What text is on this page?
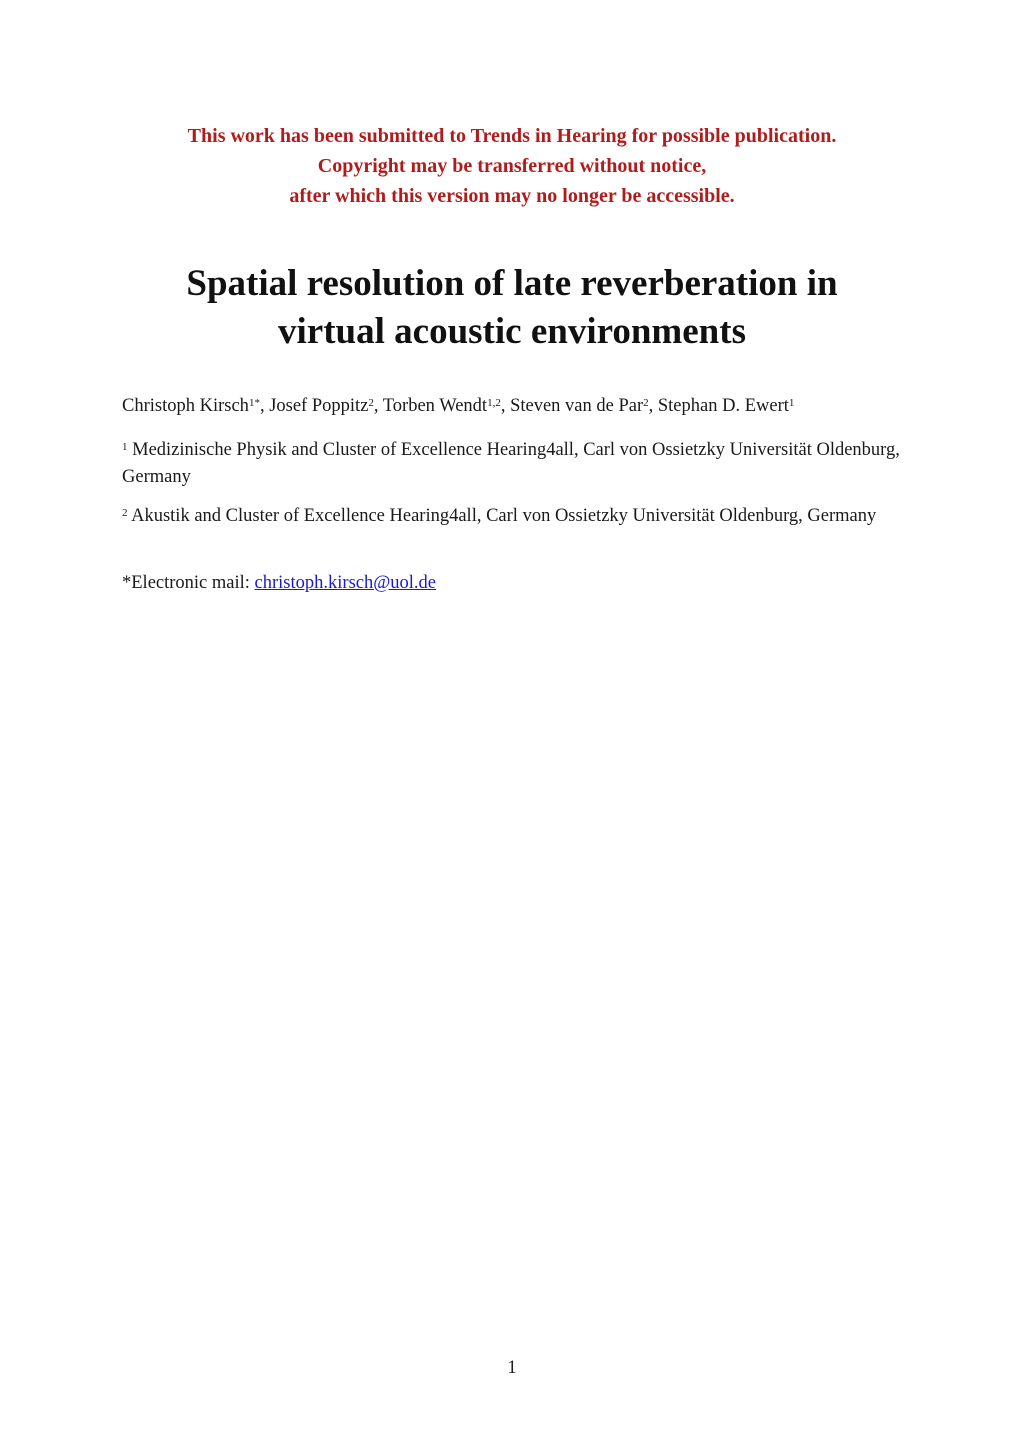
This work has been submitted to Trends in Hearing for possible publication.
Copyright may be transferred without notice,
after which this version may no longer be accessible.
Spatial resolution of late reverberation in
virtual acoustic environments
Christoph Kirsch$^{1*}$, Josef Poppitz$^2$, Torben Wendt$^{1,2}$, Steven van de Par$^2$, Stephan D. Ewert$^1$
$^1$ Medizinische Physik and Cluster of Excellence Hearing4all, Carl von Ossietzky Universität Oldenburg, Germany
$^2$ Akustik and Cluster of Excellence Hearing4all, Carl von Ossietzky Universität Oldenburg, Germany
*Electronic mail: christoph.kirsch@uol.de
1
